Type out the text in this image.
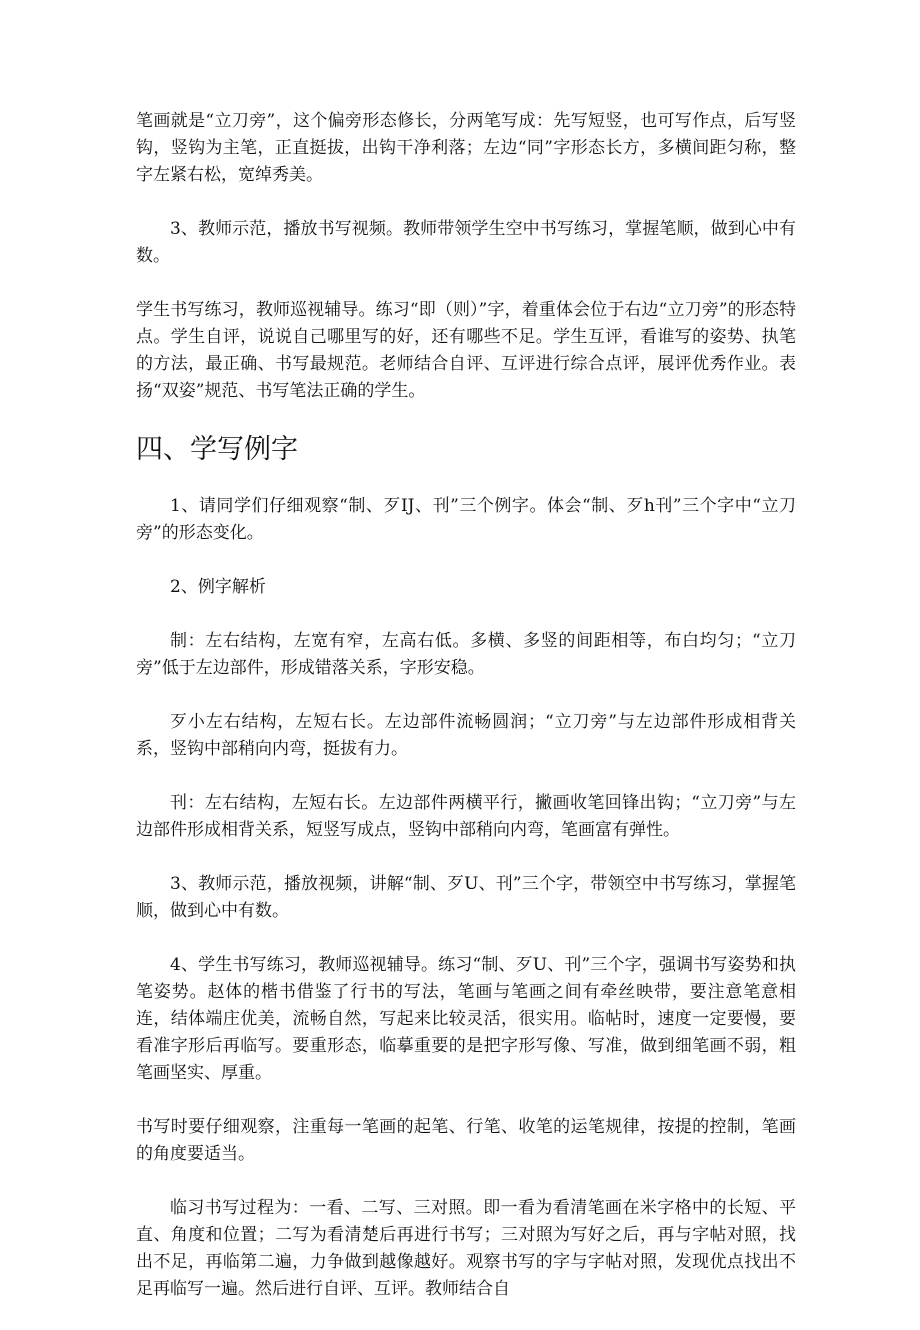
笔画就是“立刀旁”，这个偏旁形态修长，分两笔写成：先写短竖，也可写作点，后写竖钩，竖钩为主笔，正直挺拔，出钩干净利落；左边“同”字形态长方，多横间距匀称，整字左紧右松，宽绰秀美。

3、教师示范，播放书写视频。教师带领学生空中书写练习，掌握笔顺，做到心中有数。

学生书写练习，教师巡视辅导。练习“即（则）”字，着重体会位于右边“立刀旁”的形态特点。学生自评，说说自己哪里写的好，还有哪些不足。学生互评，看谁写的姿势、执笔的方法，最正确、书写最规范。老师结合自评、互评进行综合点评，展评优秀作业。表扬“双姿”规范、书写笔法正确的学生。

四、学写例字

1、请同学们仔细观察“制、歹IJ、刊”三个例字。体会“制、歹h刊”三个字中“立刀旁”的形态变化。

2、例字解析

制：左右结构，左宽有窄，左高右低。多横、多竖的间距相等，布白均匀；“立刀旁”低于左边部件，形成错落关系，字形安稳。

歹小左右结构，左短右长。左边部件流畅圆润；“立刀旁”与左边部件形成相背关系，竖钩中部稍向内弯，挺拔有力。

刊：左右结构，左短右长。左边部件两横平行，撇画收笔回锋出钩；“立刀旁”与左边部件形成相背关系，短竖写成点，竖钩中部稍向内弯，笔画富有弹性。

3、教师示范，播放视频，讲解“制、歹U、刊”三个字，带领空中书写练习，掌握笔顺，做到心中有数。

4、学生书写练习，教师巡视辅导。练习“制、歹U、刊”三个字，强调书写姿势和执笔姿势。赵体的楷书借鉴了行书的写法，笔画与笔画之间有牵丝映带，要注意笔意相连，结体端庄优美，流畅自然，写起来比较灵活，很实用。临帖时，速度一定要慢，要看准字形后再临写。要重形态，临摹重要的是把字形写像、写准，做到细笔画不弱，粗笔画坚实、厚重。

书写时要仔细观察，注重每一笔画的起笔、行笔、收笔的运笔规律，按提的控制，笔画的角度要适当。

临习书写过程为：一看、二写、三对照。即一看为看清笔画在米字格中的长短、平直、角度和位置；二写为看清楚后再进行书写；三对照为写好之后，再与字帖对照，找出不足，再临第二遍，力争做到越像越好。观察书写的字与字帖对照，发现优点找出不足再临写一遍。然后进行自评、互评。教师结合自
